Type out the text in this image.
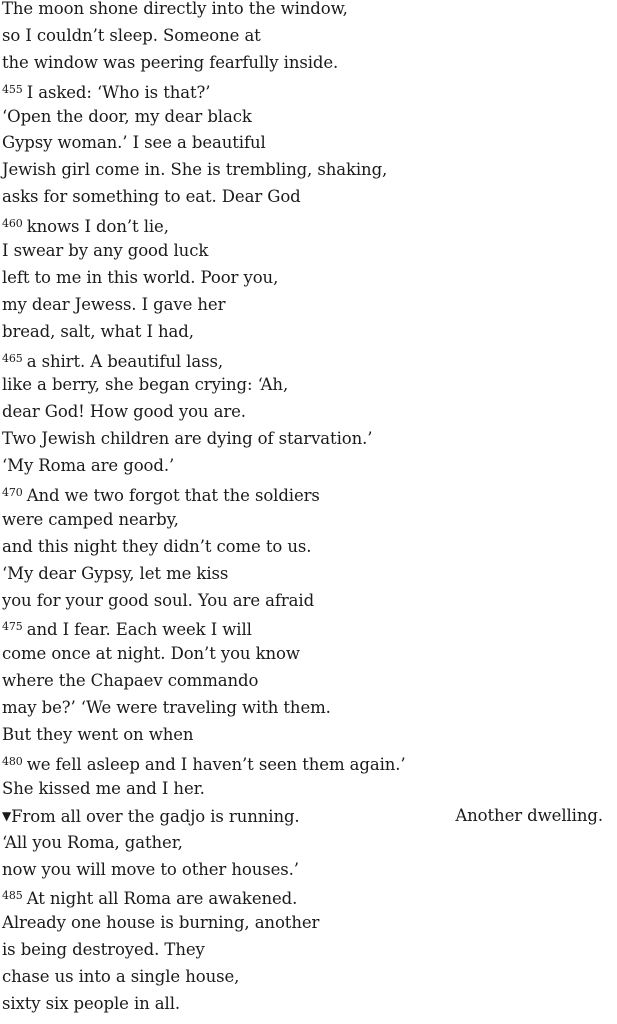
The moon shone directly into the window,
so I couldn’t sleep. Someone at
the window was peering fearfully inside.
$^{455}$ I asked: ‘Who is that?’
‘Open the door, my dear black
Gypsy woman.’ I see a beautiful
Jewish girl come in. She is trembling, shaking,
asks for something to eat. Dear God
$^{460}$ knows I don’t lie,
I swear by any good luck
left to me in this world. Poor you,
my dear Jewess. I gave her
bread, salt, what I had,
$^{465}$ a shirt. A beautiful lass,
like a berry, she began crying: ‘Ah,
dear God! How good you are.
Two Jewish children are dying of starvation.’
‘My Roma are good.’
$^{470}$ And we two forgot that the soldiers
were camped nearby,
and this night they didn’t come to us.
‘My dear Gypsy, let me kiss
you for your good soul. You are afraid
$^{475}$ and I fear. Each week I will
come once at night. Don’t you know
where the Chapaev commando
may be?’ ‘We were traveling with them.
But they went on when
$^{480}$ we fell asleep and I haven’t seen them again.’
She kissed me and I her.
▼From all over the gadjo is running.
‘All you Roma, gather,
now you will move to other houses.’
$^{485}$ At night all Roma are awakened.
Already one house is burning, another
is being destroyed. They
chase us into a single house,
sixty six people in all.
Another dwelling.
